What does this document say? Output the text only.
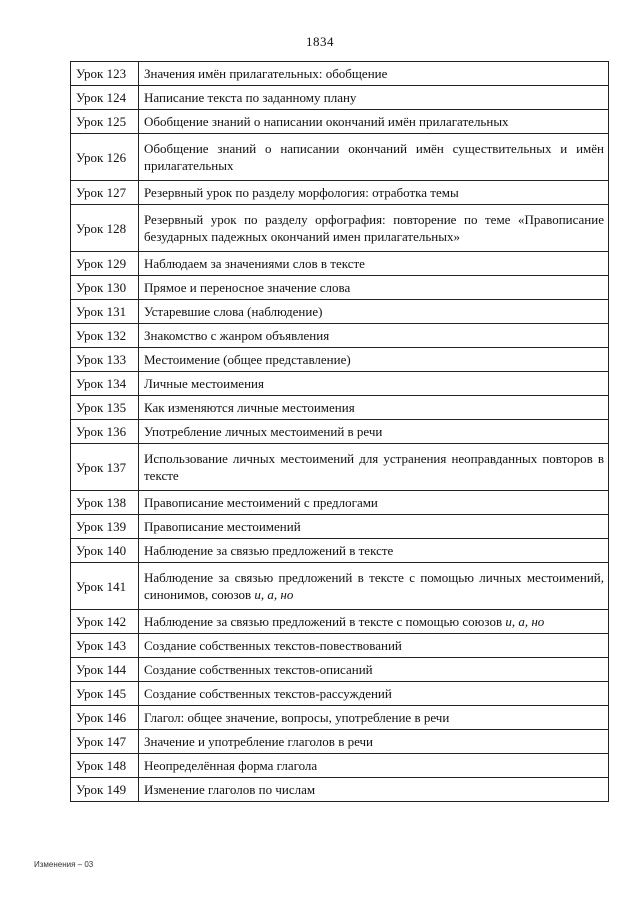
1834
Урок 123	Значения имён прилагательных: обобщение
Урок 124	Написание текста по заданному плану
Урок 125	Обобщение знаний о написании окончаний имён прилагательных
Урок 126	Обобщение знаний о написании окончаний имён существительных и имён прилагательных
Урок 127	Резервный урок по разделу морфология: отработка темы
Урок 128	Резервный урок по разделу орфография: повторение по теме «Правописание безударных падежных окончаний имен прилагательных»
Урок 129	Наблюдаем за значениями слов в тексте
Урок 130	Прямое и переносное значение слова
Урок 131	Устаревшие слова (наблюдение)
Урок 132	Знакомство с жанром объявления
Урок 133	Местоимение (общее представление)
Урок 134	Личные местоимения
Урок 135	Как изменяются личные местоимения
Урок 136	Употребление личных местоимений в речи
Урок 137	Использование личных местоимений для устранения неоправданных повторов в тексте
Урок 138	Правописание местоимений с предлогами
Урок 139	Правописание местоимений
Урок 140	Наблюдение за связью предложений в тексте
Урок 141	Наблюдение за связью предложений в тексте с помощью личных местоимений, синонимов, союзов и, а, но
Урок 142	Наблюдение за связью предложений в тексте с помощью союзов и, а, но
Урок 143	Создание собственных текстов-повествований
Урок 144	Создание собственных текстов-описаний
Урок 145	Создание собственных текстов-рассуждений
Урок 146	Глагол: общее значение, вопросы, употребление в речи
Урок 147	Значение и употребление глаголов в речи
Урок 148	Неопределённая форма глагола
Урок 149	Изменение глаголов по числам
Изменения – 03
